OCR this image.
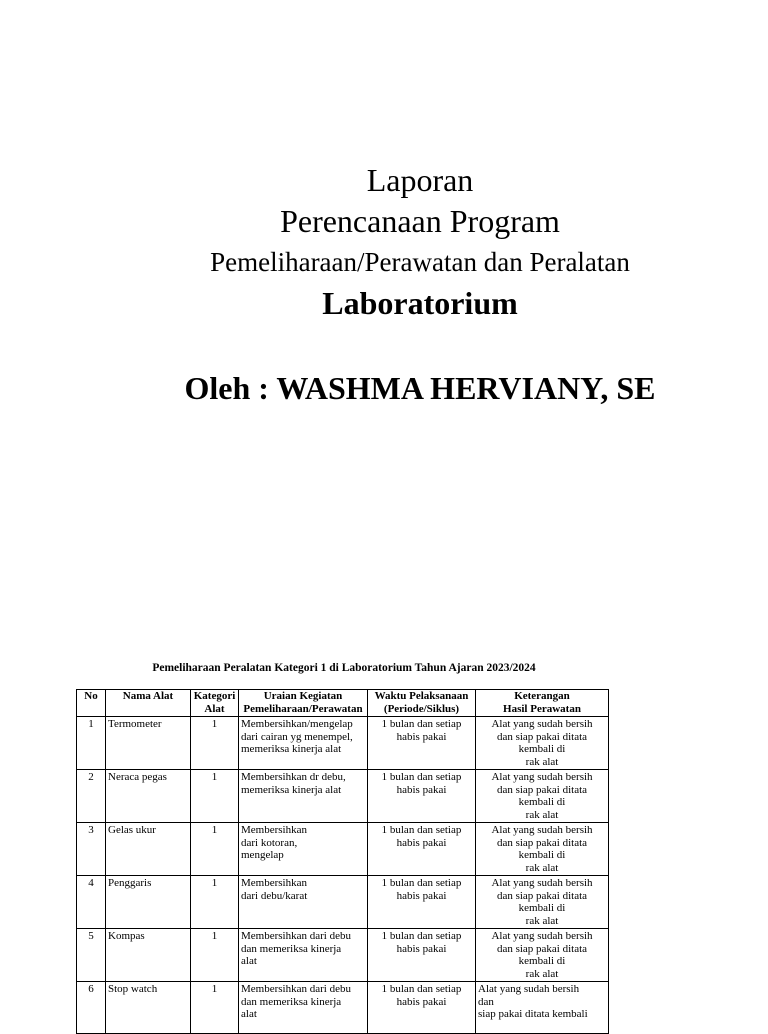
Laporan
Perencanaan Program
Pemeliharaan/Perawatan dan Peralatan
Laboratorium
Oleh : WASHMA HERVIANY, SE
Pemeliharaan Peralatan Kategori 1 di Laboratorium Tahun Ajaran 2023/2024
No	Nama Alat	Kategori
Alat	Uraian Kegiatan
Pemeliharaan/Perawatan	Waktu Pelaksanaan
(Periode/Siklus)	Keterangan
Hasil Perawatan
1	Termometer	1	Membersihkan/mengelap
dari cairan yg menempel,
memeriksa kinerja alat	1 bulan dan setiap
habis pakai	Alat yang sudah bersih
dan siap pakai ditata
kembali di
rak alat
2	Neraca pegas	1	Membersihkan dr debu,
memeriksa kinerja alat	1 bulan dan setiap
habis pakai	Alat yang sudah bersih
dan siap pakai ditata
kembali di
rak alat
3	Gelas ukur	1	Membersihkan
dari kotoran,
mengelap	1 bulan dan setiap
habis pakai	Alat yang sudah bersih
dan siap pakai ditata
kembali di
rak alat
4	Penggaris	1	Membersihkan
dari debu/karat	1 bulan dan setiap
habis pakai	Alat yang sudah bersih
dan siap pakai ditata
kembali di
rak alat
5	Kompas	1	Membersihkan dari debu
dan memeriksa kinerja
alat	1 bulan dan setiap
habis pakai	Alat yang sudah bersih
dan siap pakai ditata
kembali di
rak alat
6	Stop watch	1	Membersihkan dari debu
dan memeriksa kinerja
alat	1 bulan dan setiap
habis pakai	Alat yang sudah bersih
dan
siap pakai ditata kembali
